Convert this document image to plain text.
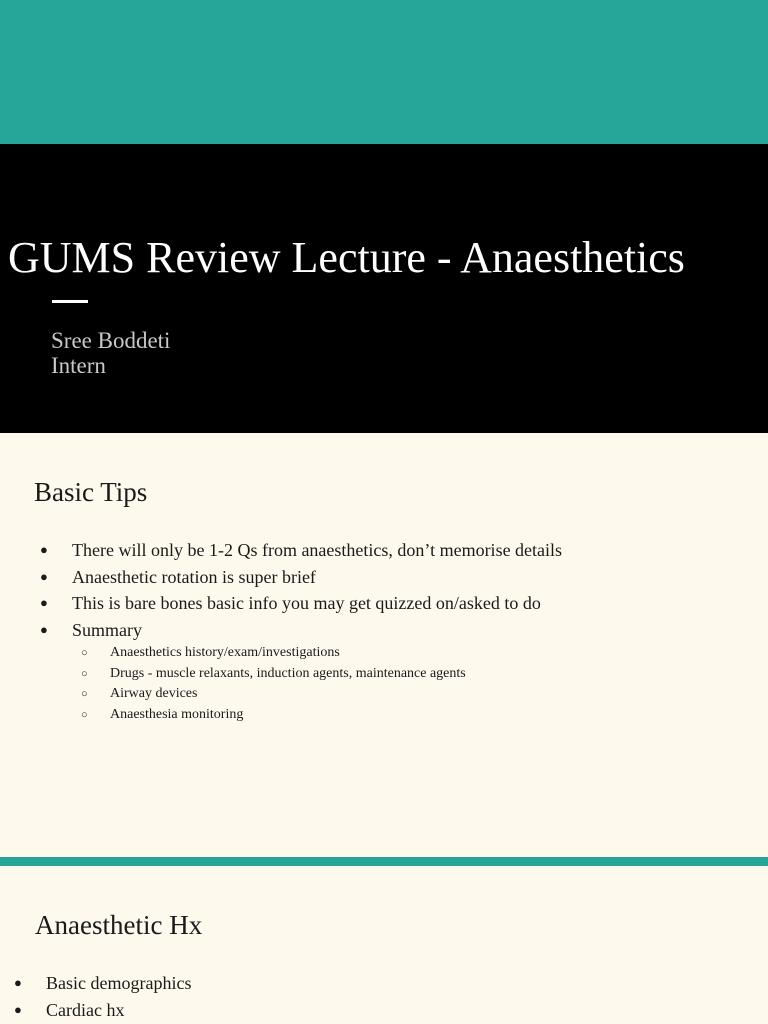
GUMS Review Lecture - Anaesthetics
Sree Boddeti
Intern
Basic Tips
● There will only be 1-2 Qs from anaesthetics, don’t memorise details
● Anaesthetic rotation is super brief
● This is bare bones basic info you may get quizzed on/asked to do
● Summary
○ Anaesthetics history/exam/investigations
○ Drugs - muscle relaxants, induction agents, maintenance agents
○ Airway devices
○ Anaesthesia monitoring
Anaesthetic Hx
● Basic demographics
● Cardiac hx
